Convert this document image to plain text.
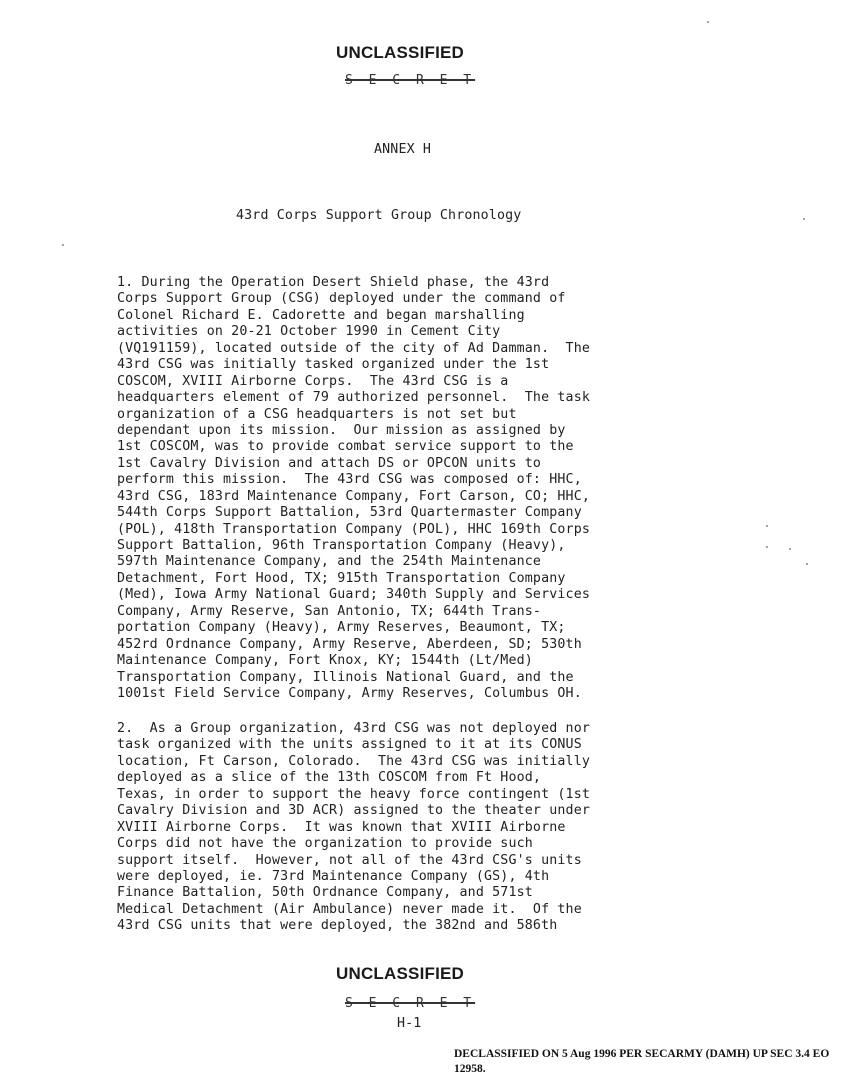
UNCLASSIFIED
S E C R E T
ANNEX H
43rd Corps Support Group Chronology
1. During the Operation Desert Shield phase, the 43rd
Corps Support Group (CSG) deployed under the command of
Colonel Richard E. Cadorette and began marshalling
activities on 20-21 October 1990 in Cement City
(VQ191159), located outside of the city of Ad Damman.  The
43rd CSG was initially tasked organized under the 1st
COSCOM, XVIII Airborne Corps.  The 43rd CSG is a
headquarters element of 79 authorized personnel.  The task
organization of a CSG headquarters is not set but
dependant upon its mission.  Our mission as assigned by
1st COSCOM, was to provide combat service support to the
1st Cavalry Division and attach DS or OPCON units to
perform this mission.  The 43rd CSG was composed of: HHC,
43rd CSG, 183rd Maintenance Company, Fort Carson, CO; HHC,
544th Corps Support Battalion, 53rd Quartermaster Company
(POL), 418th Transportation Company (POL), HHC 169th Corps
Support Battalion, 96th Transportation Company (Heavy),
597th Maintenance Company, and the 254th Maintenance
Detachment, Fort Hood, TX; 915th Transportation Company
(Med), Iowa Army National Guard; 340th Supply and Services
Company, Army Reserve, San Antonio, TX; 644th Trans-
portation Company (Heavy), Army Reserves, Beaumont, TX;
452rd Ordnance Company, Army Reserve, Aberdeen, SD; 530th
Maintenance Company, Fort Knox, KY; 1544th (Lt/Med)
Transportation Company, Illinois National Guard, and the
1001st Field Service Company, Army Reserves, Columbus OH.
2.  As a Group organization, 43rd CSG was not deployed nor
task organized with the units assigned to it at its CONUS
location, Ft Carson, Colorado.  The 43rd CSG was initially
deployed as a slice of the 13th COSCOM from Ft Hood,
Texas, in order to support the heavy force contingent (1st
Cavalry Division and 3D ACR) assigned to the theater under
XVIII Airborne Corps.  It was known that XVIII Airborne
Corps did not have the organization to provide such
support itself.  However, not all of the 43rd CSG's units
were deployed, ie. 73rd Maintenance Company (GS), 4th
Finance Battalion, 50th Ordnance Company, and 571st
Medical Detachment (Air Ambulance) never made it.  Of the
43rd CSG units that were deployed, the 382nd and 586th
UNCLASSIFIED
S E C R E T
H-1
DECLASSIFIED ON 5 Aug 1996 PER SECARMY (DAMH) UP SEC 3.4 EO 12958.
